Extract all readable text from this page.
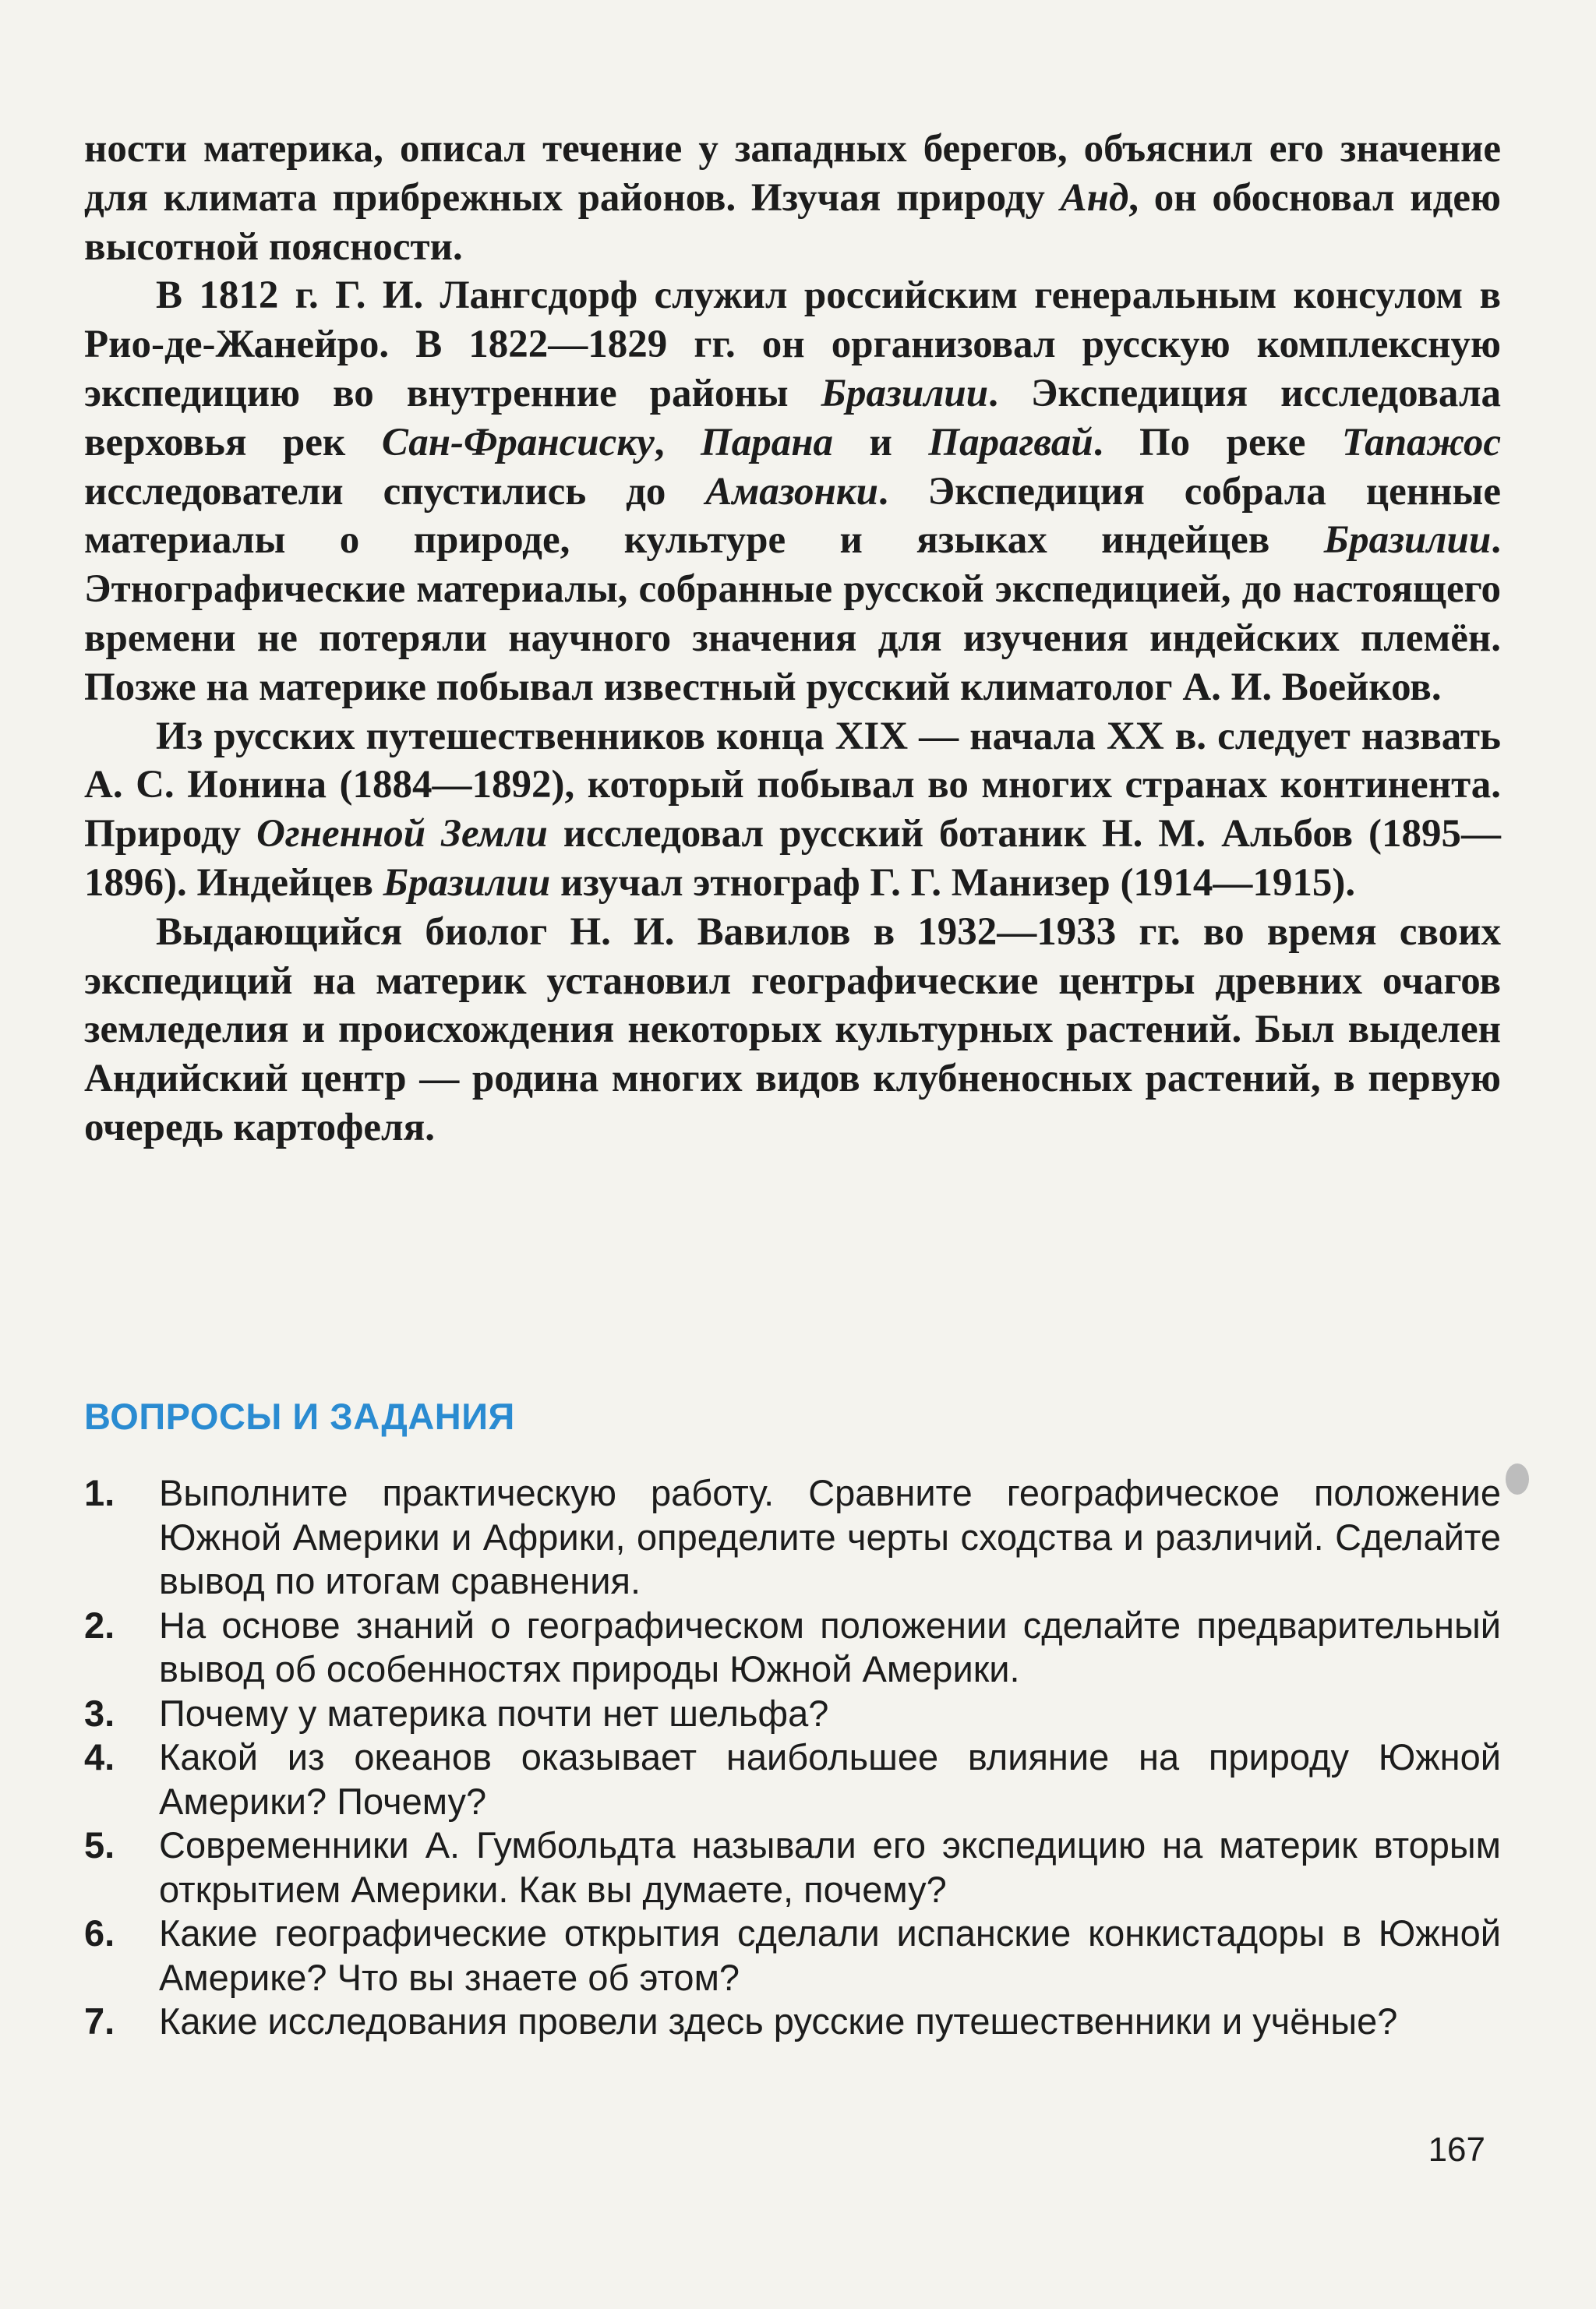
ности материка, описал течение у западных берегов, объяснил его значение для климата прибрежных районов. Изучая природу Анд, он обосновал идею высотной поясности.

В 1812 г. Г. И. Лангсдорф служил российским генеральным консулом в Рио-де-Жанейро. В 1822—1829 гг. он организовал русскую комплексную экспедицию во внутренние районы Бразилии. Экспедиция исследовала верховья рек Сан-Франсиску, Парана и Парагвай. По реке Тапажос исследователи спустились до Амазонки. Экспедиция собрала ценные материалы о природе, культуре и языках индейцев Бразилии. Этнографические материалы, собранные русской экспедицией, до настоящего времени не потеряли научного значения для изучения индейских племён. Позже на материке побывал известный русский климатолог А. И. Воейков.

Из русских путешественников конца XIX — начала XX в. следует назвать А. С. Ионина (1884—1892), который побывал во многих странах континента. Природу Огненной Земли исследовал русский ботаник Н. М. Альбов (1895—1896). Индейцев Бразилии изучал этнограф Г. Г. Манизер (1914—1915).

Выдающийся биолог Н. И. Вавилов в 1932—1933 гг. во время своих экспедиций на материк установил географические центры древних очагов земледелия и происхождения некоторых культурных растений. Был выделен Андийский центр — родина многих видов клубненосных растений, в первую очередь картофеля.

ВОПРОСЫ И ЗАДАНИЯ
1.	Выполните практическую работу. Сравните географическое положение Южной Америки и Африки, определите черты сходства и различий. Сделайте вывод по итогам сравнения.
2.	На основе знаний о географическом положении сделайте предварительный вывод об особенностях природы Южной Америки.
3.	Почему у материка почти нет шельфа?
4.	Какой из океанов оказывает наибольшее влияние на природу Южной Америки? Почему?
5.	Современники А. Гумбольдта называли его экспедицию на материк вторым открытием Америки. Как вы думаете, почему?
6.	Какие географические открытия сделали испанские конкистадоры в Южной Америке? Что вы знаете об этом?
7.	Какие исследования провели здесь русские путешественники и учёные?
167
